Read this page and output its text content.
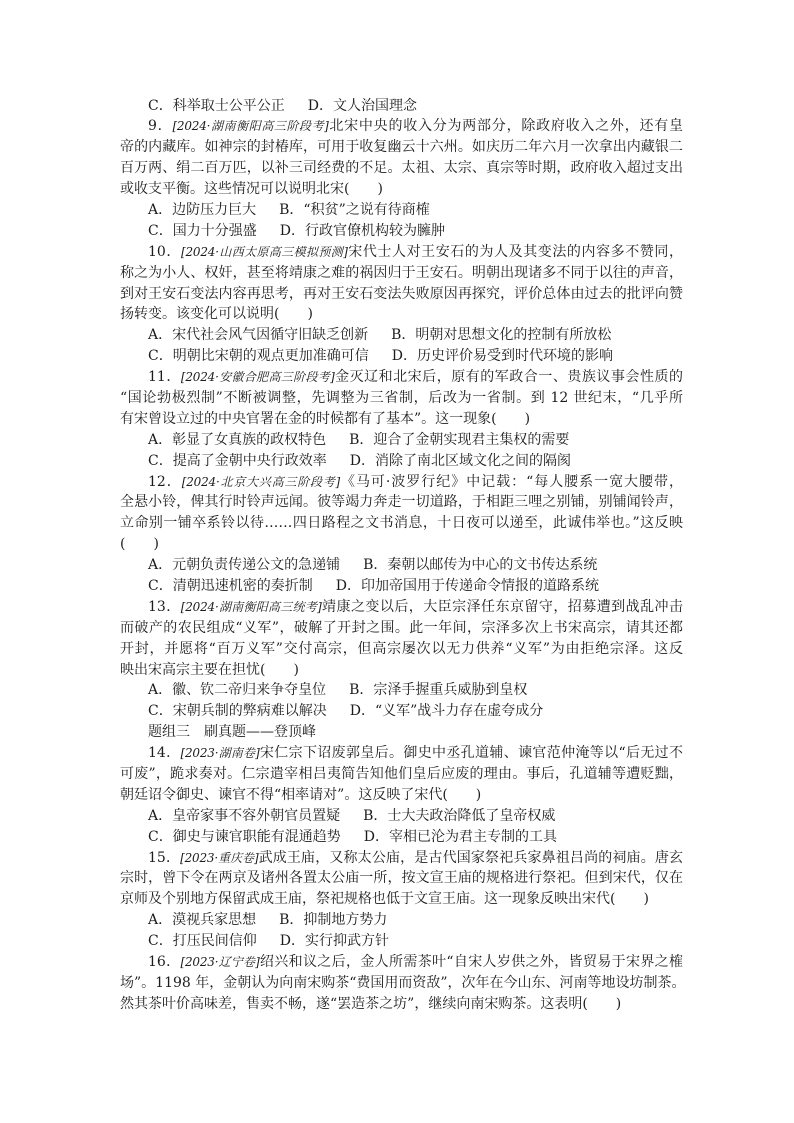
C．科举取士公平公正 D．文人治国理念
9．[2024·湖南衡阳高三阶段考]北宋中央的收入分为两部分，除政府收入之外，还有皇
帝的内藏库。如神宗的封椿库，可用于收复幽云十六州。如庆历二年六月一次拿出内藏银二
百万两、绢二百万匹，以补三司经费的不足。太祖、太宗、真宗等时期，政府收入超过支出
或收支平衡。这些情况可以说明北宋(　　)
A．边防压力巨大 B．“积贫”之说有待商榷
C．国力十分强盛 D．行政官僚机构较为臃肿
10．[2024·山西太原高三模拟预测]宋代士人对王安石的为人及其变法的内容多不赞同，
称之为小人、权奸，甚至将靖康之难的祸因归于王安石。明朝出现诸多不同于以往的声音，
到对王安石变法内容再思考，再对王安石变法失败原因再探究，评价总体由过去的批评向赞
扬转变。该变化可以说明(　　)
A．宋代社会风气因循守旧缺乏创新 B．明朝对思想文化的控制有所放松
C．明朝比宋朝的观点更加准确可信 D．历史评价易受到时代环境的影响
11．[2024·安徽合肥高三阶段考]金灭辽和北宋后，原有的军政合一、贵族议事会性质的
“国论勃极烈制”不断被调整，先调整为三省制，后改为一省制。到 12 世纪末，“几乎所
有宋曾设立过的中央官署在金的时候都有了基本”。这一现象(　　)
A．彰显了女真族的政权特色 B．迎合了金朝实现君主集权的需要
C．提高了金朝中央行政效率 D．消除了南北区域文化之间的隔阂
12．[2024·北京大兴高三阶段考]《马可·波罗行纪》中记载：“每人腰系一宽大腰带，
全悬小铃，俾其行时铃声远闻。彼等竭力奔走一切道路，于相距三哩之别铺，别铺闻铃声，
立命别一铺卒系铃以待……四日路程之文书消息，十日夜可以递至，此诚伟举也。”这反映
(　　)
A．元朝负责传递公文的急递铺 B．秦朝以邮传为中心的文书传达系统
C．清朝迅速机密的奏折制 D．印加帝国用于传递命令情报的道路系统
13．[2024·湖南衡阳高三统考]靖康之变以后，大臣宗泽任东京留守，招募遭到战乱冲击
而破产的农民组成“义军”，破解了开封之围。此一年间，宗泽多次上书宋高宗，请其还都
开封，并愿将“百万义军”交付高宗，但高宗屡次以无力供养“义军”为由拒绝宗泽。这反
映出宋高宗主要在担忧(　　)
A．徽、钦二帝归来争夺皇位 B．宗泽手握重兵威胁到皇权
C．宋朝兵制的弊病难以解决 D．“义军”战斗力存在虚夸成分
题组三　刷真题——登顶峰
14．[2023·湖南卷]宋仁宗下诏废郭皇后。御史中丞孔道辅、谏官范仲淹等以“后无过不
可废”，跪求奏对。仁宗遣宰相吕夷简告知他们皇后应废的理由。事后，孔道辅等遭贬黜，
朝廷诏令御史、谏官不得“相率请对”。这反映了宋代(　　)
A．皇帝家事不容外朝官员置疑 B．士大夫政治降低了皇帝权威
C．御史与谏官职能有混通趋势 D．宰相已沦为君主专制的工具
15．[2023·重庆卷]武成王庙，又称太公庙，是古代国家祭祀兵家鼻祖吕尚的祠庙。唐玄
宗时，曾下令在两京及诸州各置太公庙一所，按文宣王庙的规格进行祭祀。但到宋代，仅在
京师及个别地方保留武成王庙，祭祀规格也低于文宣王庙。这一现象反映出宋代(　　)
A．漠视兵家思想 B．抑制地方势力
C．打压民间信仰 D．实行抑武方针
16．[2023·辽宁卷]绍兴和议之后，金人所需茶叶“自宋人岁供之外，皆贸易于宋界之榷
场”。1198 年，金朝认为向南宋购茶“费国用而资敌”，次年在今山东、河南等地设坊制茶。
然其茶叶价高味差，售卖不畅，遂“罢造茶之坊”，继续向南宋购茶。这表明(　　)
